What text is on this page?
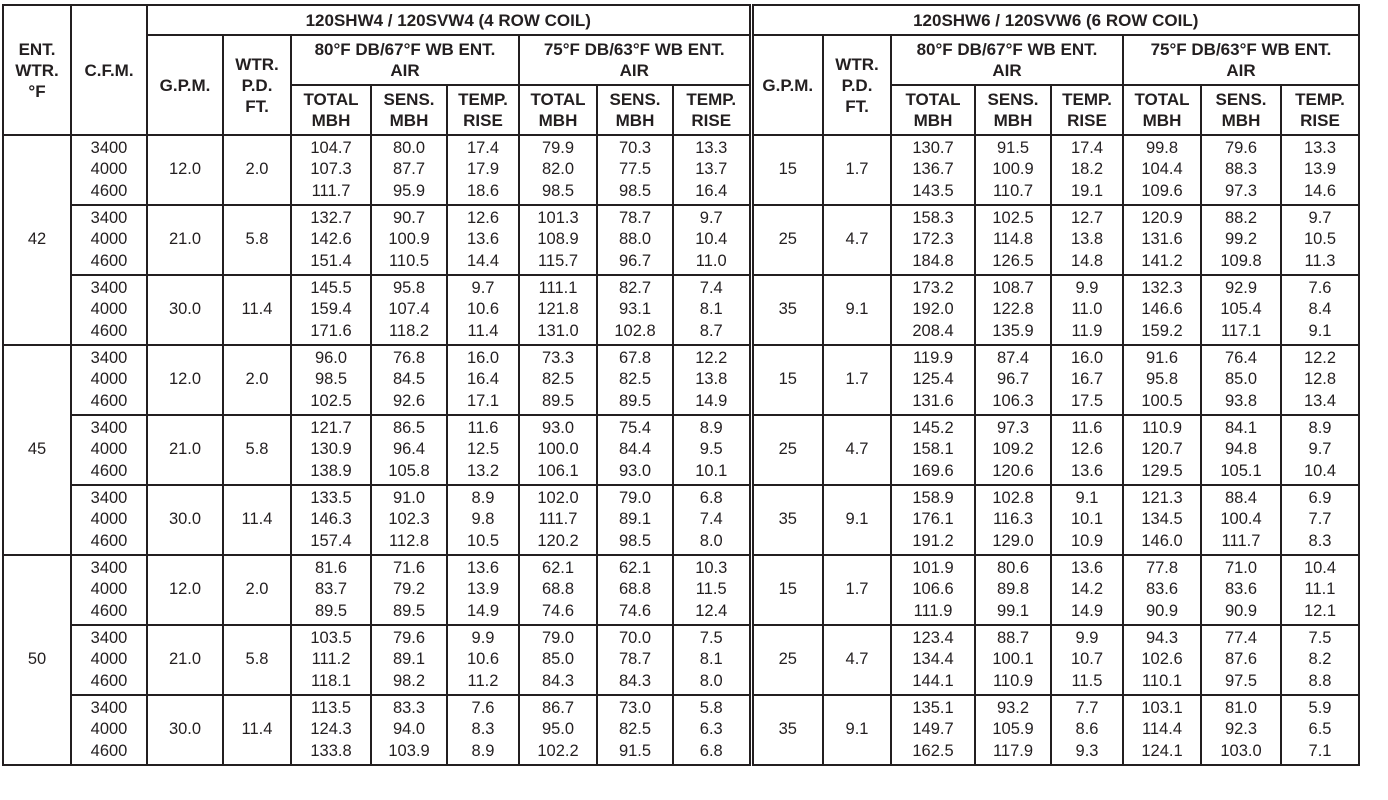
ENT.
WTR.
°F	C.F.M.	120SHW4 / 120SVW4 (4 ROW COIL)								120SHW6 / 120SVW6 (6 ROW COIL)							
		G.P.M.	WTR.
P.D.
FT.	80°F DB/67°F WB ENT.
AIR			75°F DB/63°F WB ENT.
AIR			G.P.M.	WTR.
P.D.
FT.	80°F DB/67°F WB ENT.
AIR			75°F DB/63°F WB ENT.
AIR		

				TOTAL
MBH	SENS.
MBH	TEMP.
RISE	TOTAL
MBH	SENS.
MBH	TEMP.
RISE			TOTAL
MBH	SENS.
MBH	TEMP.
RISE	TOTAL
MBH	SENS.
MBH	TEMP.
RISE

42	3400
4000
4600	12.0	2.0	104.7
107.3
111.7	80.0
87.7
95.9	17.4
17.9
18.6	79.9
82.0
98.5	70.3
77.5
98.5	13.3
13.7
16.4	15	1.7	130.7
136.7
143.5	91.5
100.9
110.7	17.4
18.2
19.1	99.8
104.4
109.6	79.6
88.3
97.3	13.3
13.9
14.6

	3400
4000
4600	21.0	5.8	132.7
142.6
151.4	90.7
100.9
110.5	12.6
13.6
14.4	101.3
108.9
115.7	78.7
88.0
96.7	9.7
10.4
11.0	25	4.7	158.3
172.3
184.8	102.5
114.8
126.5	12.7
13.8
14.8	120.9
131.6
141.2	88.2
99.2
109.8	9.7
10.5
11.3

	3400
4000
4600	30.0	11.4	145.5
159.4
171.6	95.8
107.4
118.2	9.7
10.6
11.4	111.1
121.8
131.0	82.7
93.1
102.8	7.4
8.1
8.7	35	9.1	173.2
192.0
208.4	108.7
122.8
135.9	9.9
11.0
11.9	132.3
146.6
159.2	92.9
105.4
117.1	7.6
8.4
9.1

45	3400
4000
4600	12.0	2.0	96.0
98.5
102.5	76.8
84.5
92.6	16.0
16.4
17.1	73.3
82.5
89.5	67.8
82.5
89.5	12.2
13.8
14.9	15	1.7	119.9
125.4
131.6	87.4
96.7
106.3	16.0
16.7
17.5	91.6
95.8
100.5	76.4
85.0
93.8	12.2
12.8
13.4

	3400
4000
4600	21.0	5.8	121.7
130.9
138.9	86.5
96.4
105.8	11.6
12.5
13.2	93.0
100.0
106.1	75.4
84.4
93.0	8.9
9.5
10.1	25	4.7	145.2
158.1
169.6	97.3
109.2
120.6	11.6
12.6
13.6	110.9
120.7
129.5	84.1
94.8
105.1	8.9
9.7
10.4

	3400
4000
4600	30.0	11.4	133.5
146.3
157.4	91.0
102.3
112.8	8.9
9.8
10.5	102.0
111.7
120.2	79.0
89.1
98.5	6.8
7.4
8.0	35	9.1	158.9
176.1
191.2	102.8
116.3
129.0	9.1
10.1
10.9	121.3
134.5
146.0	88.4
100.4
111.7	6.9
7.7
8.3

50	3400
4000
4600	12.0	2.0	81.6
83.7
89.5	71.6
79.2
89.5	13.6
13.9
14.9	62.1
68.8
74.6	62.1
68.8
74.6	10.3
11.5
12.4	15	1.7	101.9
106.6
111.9	80.6
89.8
99.1	13.6
14.2
14.9	77.8
83.6
90.9	71.0
83.6
90.9	10.4
11.1
12.1

	3400
4000
4600	21.0	5.8	103.5
111.2
118.1	79.6
89.1
98.2	9.9
10.6
11.2	79.0
85.0
84.3	70.0
78.7
84.3	7.5
8.1
8.0	25	4.7	123.4
134.4
144.1	88.7
100.1
110.9	9.9
10.7
11.5	94.3
102.6
110.1	77.4
87.6
97.5	7.5
8.2
8.8

	3400
4000
4600	30.0	11.4	113.5
124.3
133.8	83.3
94.0
103.9	7.6
8.3
8.9	86.7
95.0
102.2	73.0
82.5
91.5	5.8
6.3
6.8	35	9.1	135.1
149.7
162.5	93.2
105.9
117.9	7.7
8.6
9.3	103.1
114.4
124.1	81.0
92.3
103.0	5.9
6.5
7.1
